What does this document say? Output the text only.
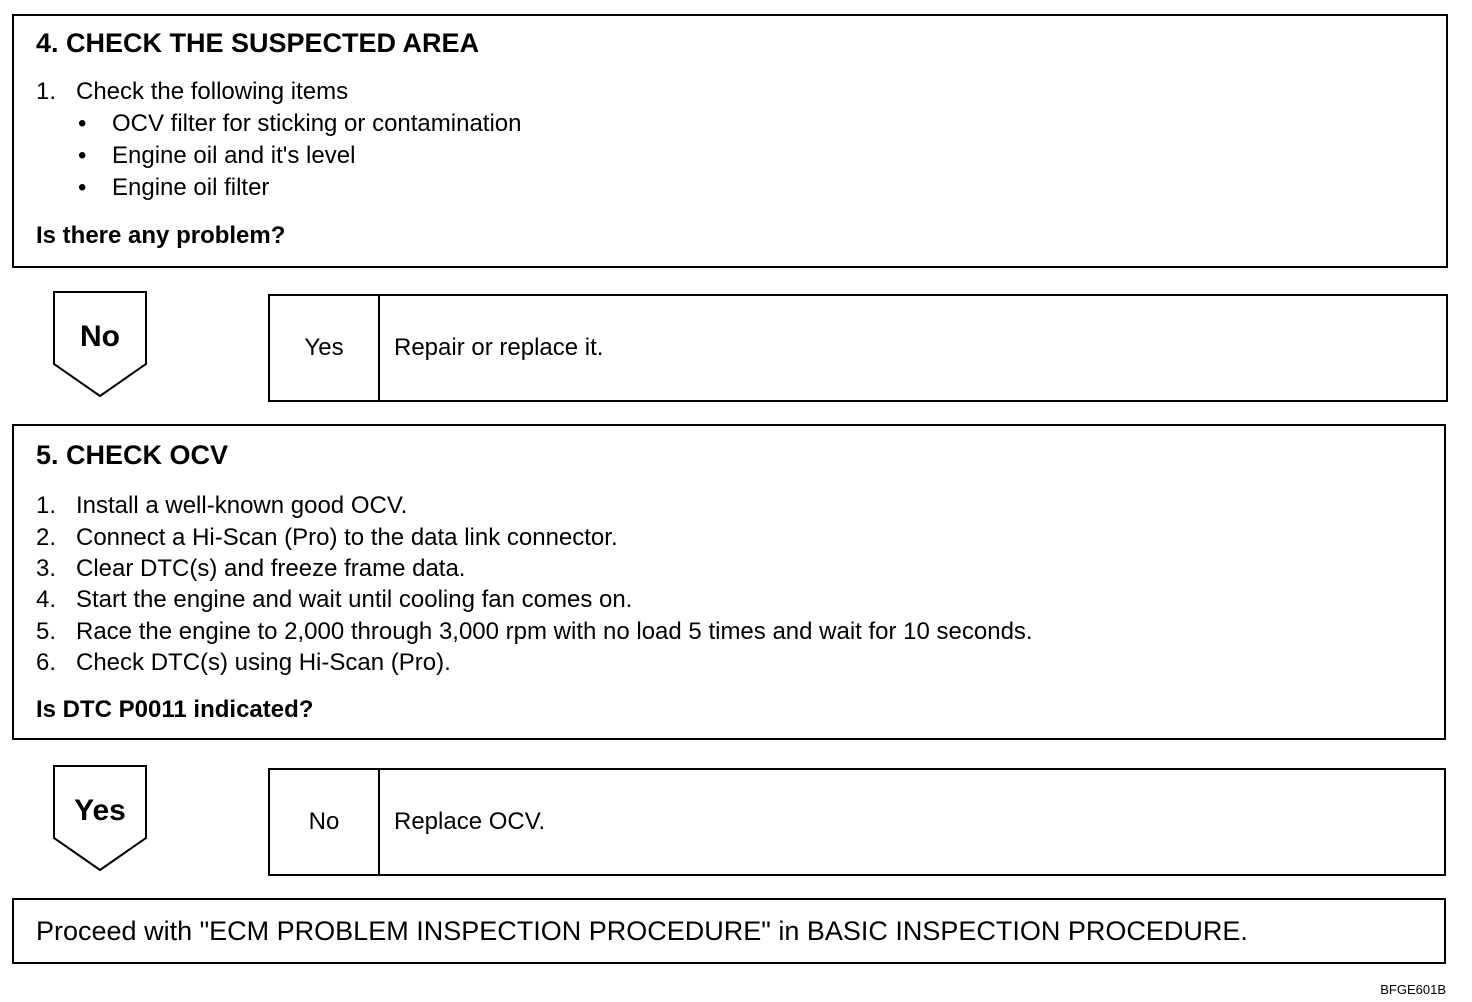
4. CHECK THE SUSPECTED AREA
1. Check the following items
• OCV filter for sticking or contamination
• Engine oil and it's level
• Engine oil filter
Is there any problem?
No	Yes	Repair or replace it.
5. CHECK OCV
1. Install a well-known good OCV.
2. Connect a Hi-Scan (Pro) to the data link connector.
3. Clear DTC(s) and freeze frame data.
4. Start the engine and wait until cooling fan comes on.
5. Race the engine to 2,000 through 3,000 rpm with no load 5 times and wait for 10 seconds.
6. Check DTC(s) using Hi-Scan (Pro).
Is DTC P0011 indicated?
Yes	No	Replace OCV.
Proceed with "ECM PROBLEM INSPECTION PROCEDURE" in BASIC INSPECTION PROCEDURE.
BFGE601B
